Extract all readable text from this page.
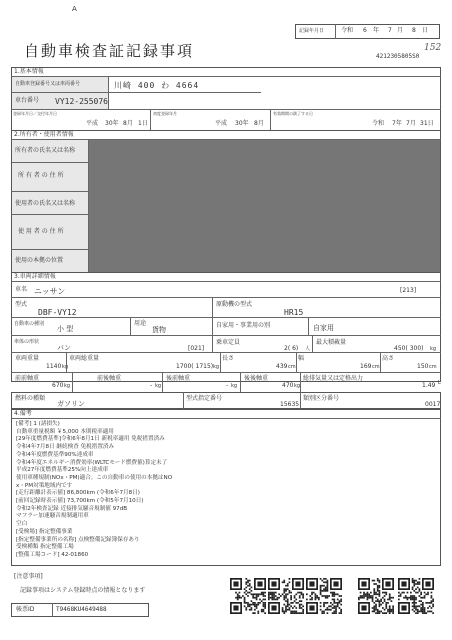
A
自動車検査証記録事項
記録年月日	令和 6 年 7 月 8 日
152
4212305805S0
1.基本情報
自動車登録番号又は車両番号	川崎 400 わ 4664
車台番号 VY12-255076
登録年月日／交付年月日
平成 30年 8月 1日
初度登録年月
平成 30年 8月
有効期間の満了する日
令和 7年 7月 31日
2.所有者・使用者情報
所有者の氏名又は名称
所 有 者 の 住 所
使用者の氏名又は名称
使 用 者 の 住 所
使用の本拠の位置
3.車両詳細情報
車名 ニッサン	[213]
型式
DBF-VY12
原動機の型式
HR15
自動車の種別
小 型
用途
貨物
自家用・事業用の別	自家用
車体の形状
バン	[021]
乗車定員
2( 6) 人
最大積載量
450( 300) kg
車両重量
1140 kg
車両総重量
1700( 1715) kg
長さ
439 cm
幅
169 cm
高さ
150 cm
前前軸重
670 kg
前後軸重
- kg
後前軸重
- kg
後後軸重
470 kg
総排気量又は定格出力
1.49 L
燃料の種類
ガソリン
型式指定番号
15635
類別区分番号
0017
4.備考
[備考] 1 (諸損失)
自動車重量税額 ￥5,000 本則税率適用
[29年度燃費基準]令和6年8月1日 新税率適用 免税措置済み
令和4年7月8日 継続検査 免税措置済み
令和4年度燃費基準90%達成車
令和4年度エネルギー消費効率(WLTCモード燃費値)算定未了
平成27年度燃費基準25%向上達成車
使用車種規制(NOx・PM)適合。この自動車の使用の本拠はNO
x・PM対策地域内です
[走行距離計表示値] 86,800km (令和6年7月8日)
[前回記録時表示値] 73,700km (令和5年7月10日)
令和2年検査記録 近接排気騒音規制値 97dB
マフラー加速騒音規制適用車
空白
[受検場] 指定整備事業
[指定整備事業所の名称] 点検整備記録簿保存あり
受検種類 指定整備工場
[整備工場コード] 42-01860
[注意事項]
記録事項はシステム登録時点の情報となります
帳票ID	T9468KU4649488
